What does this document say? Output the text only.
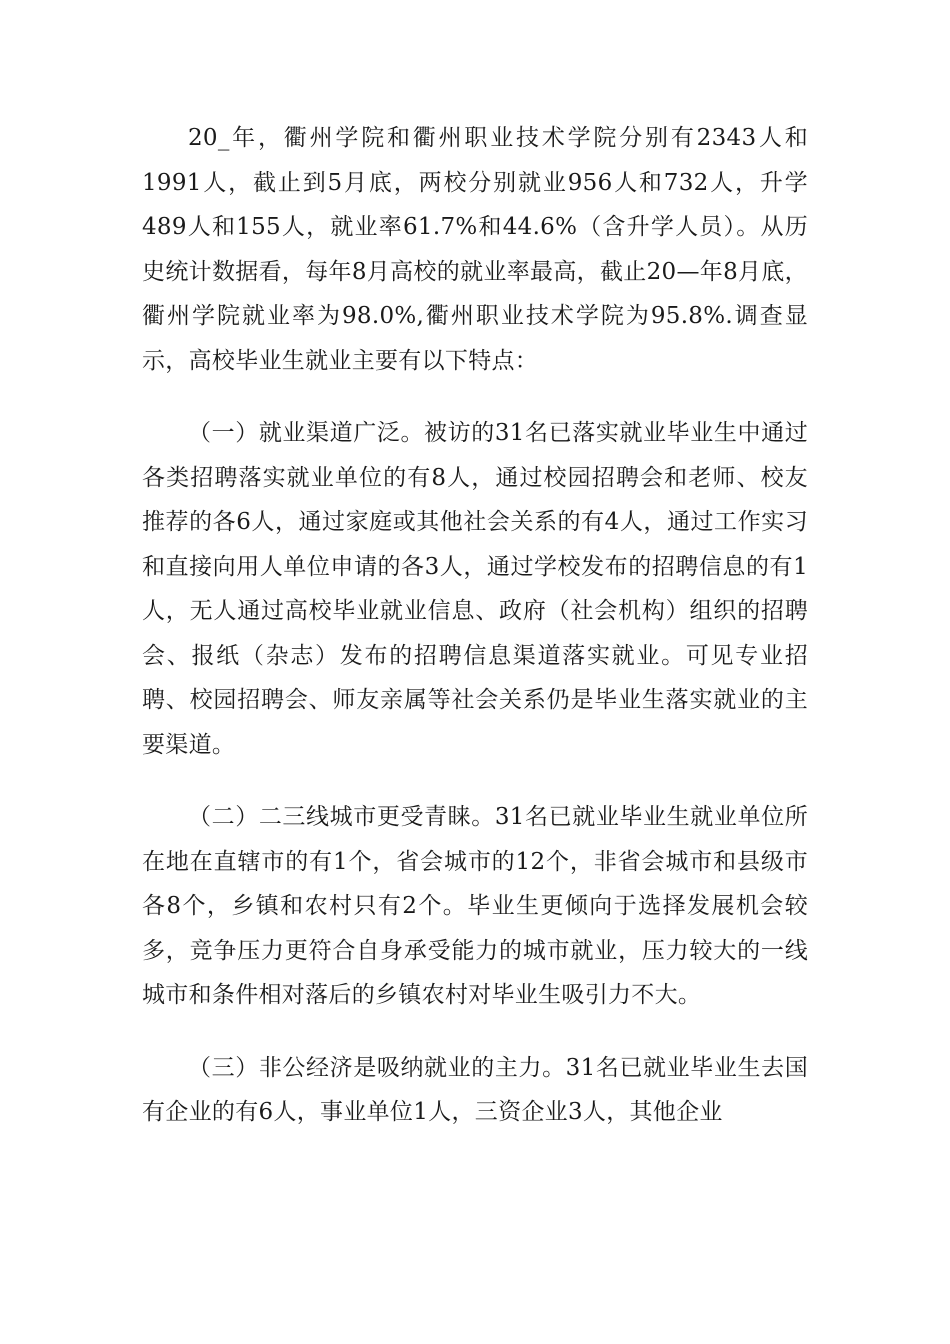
20_年，衢州学院和衢州职业技术学院分别有2343人和1991人，截止到5月底，两校分别就业956人和732人，升学489人和155人，就业率61.7%和44.6%（含升学人员）。从历史统计数据看，每年8月高校的就业率最高，截止20—年8月底，衢州学院就业率为98.0%,衢州职业技术学院为95.8%.调查显示，高校毕业生就业主要有以下特点：

（一）就业渠道广泛。被访的31名已落实就业毕业生中通过各类招聘落实就业单位的有8人，通过校园招聘会和老师、校友推荐的各6人，通过家庭或其他社会关系的有4人，通过工作实习和直接向用人单位申请的各3人，通过学校发布的招聘信息的有1人，无人通过高校毕业就业信息、政府（社会机构）组织的招聘会、报纸（杂志）发布的招聘信息渠道落实就业。可见专业招聘、校园招聘会、师友亲属等社会关系仍是毕业生落实就业的主要渠道。

（二）二三线城市更受青睐。31名已就业毕业生就业单位所在地在直辖市的有1个，省会城市的12个，非省会城市和县级市各8个，乡镇和农村只有2个。毕业生更倾向于选择发展机会较多，竞争压力更符合自身承受能力的城市就业，压力较大的一线城市和条件相对落后的乡镇农村对毕业生吸引力不大。

（三）非公经济是吸纳就业的主力。31名已就业毕业生去国有企业的有6人，事业单位1人，三资企业3人，其他企业
